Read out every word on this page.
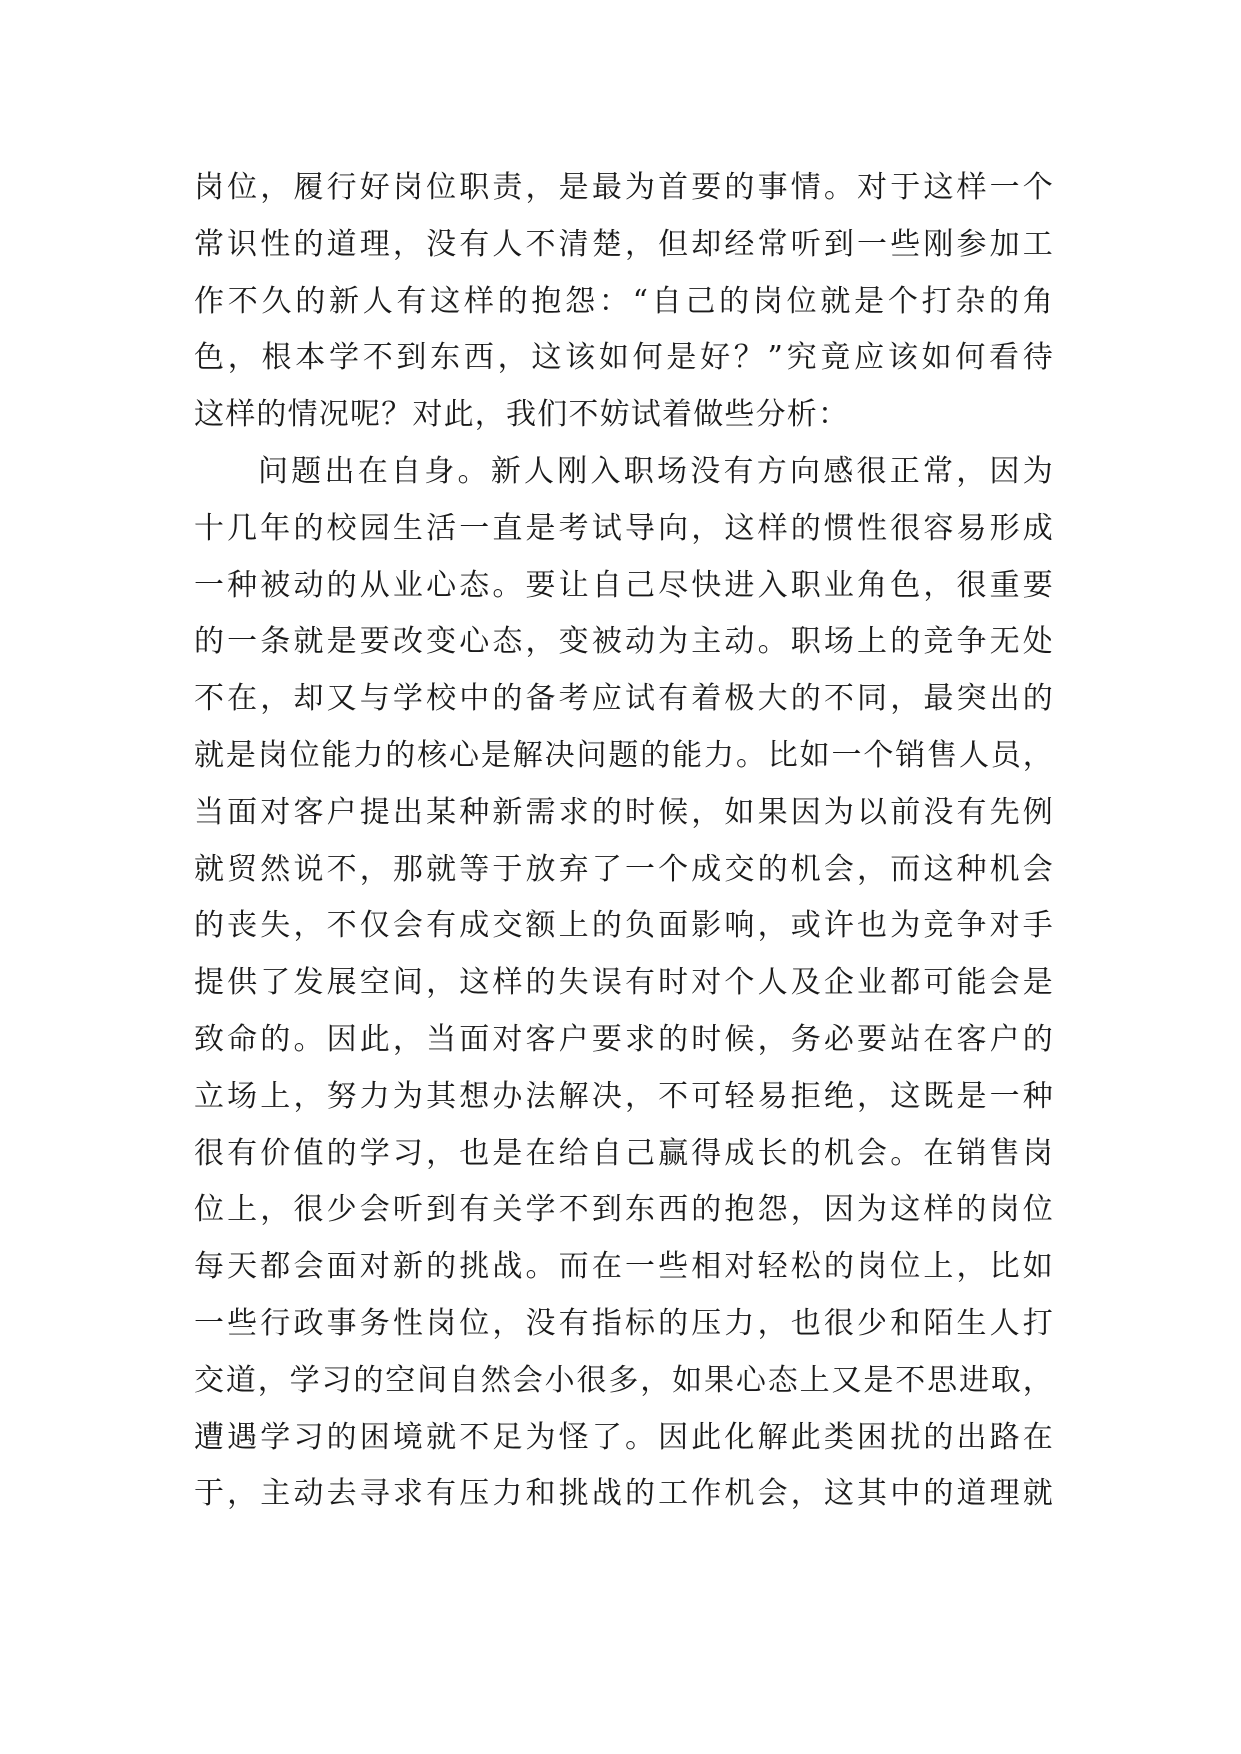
岗位，履行好岗位职责，是最为首要的事情。对于这样一个
常识性的道理，没有人不清楚，但却经常听到一些刚参加工
作不久的新人有这样的抱怨：“自己的岗位就是个打杂的角
色，根本学不到东西，这该如何是好？”究竟应该如何看待
这样的情况呢？对此，我们不妨试着做些分析：
问题出在自身。新人刚入职场没有方向感很正常，因为
十几年的校园生活一直是考试导向，这样的惯性很容易形成
一种被动的从业心态。要让自己尽快进入职业角色，很重要
的一条就是要改变心态，变被动为主动。职场上的竞争无处
不在，却又与学校中的备考应试有着极大的不同，最突出的
就是岗位能力的核心是解决问题的能力。比如一个销售人员，
当面对客户提出某种新需求的时候，如果因为以前没有先例
就贸然说不，那就等于放弃了一个成交的机会，而这种机会
的丧失，不仅会有成交额上的负面影响，或许也为竞争对手
提供了发展空间，这样的失误有时对个人及企业都可能会是
致命的。因此，当面对客户要求的时候，务必要站在客户的
立场上，努力为其想办法解决，不可轻易拒绝，这既是一种
很有价值的学习，也是在给自己赢得成长的机会。在销售岗
位上，很少会听到有关学不到东西的抱怨，因为这样的岗位
每天都会面对新的挑战。而在一些相对轻松的岗位上，比如
一些行政事务性岗位，没有指标的压力，也很少和陌生人打
交道，学习的空间自然会小很多，如果心态上又是不思进取，
遭遇学习的困境就不足为怪了。因此化解此类困扰的出路在
于，主动去寻求有压力和挑战的工作机会，这其中的道理就
